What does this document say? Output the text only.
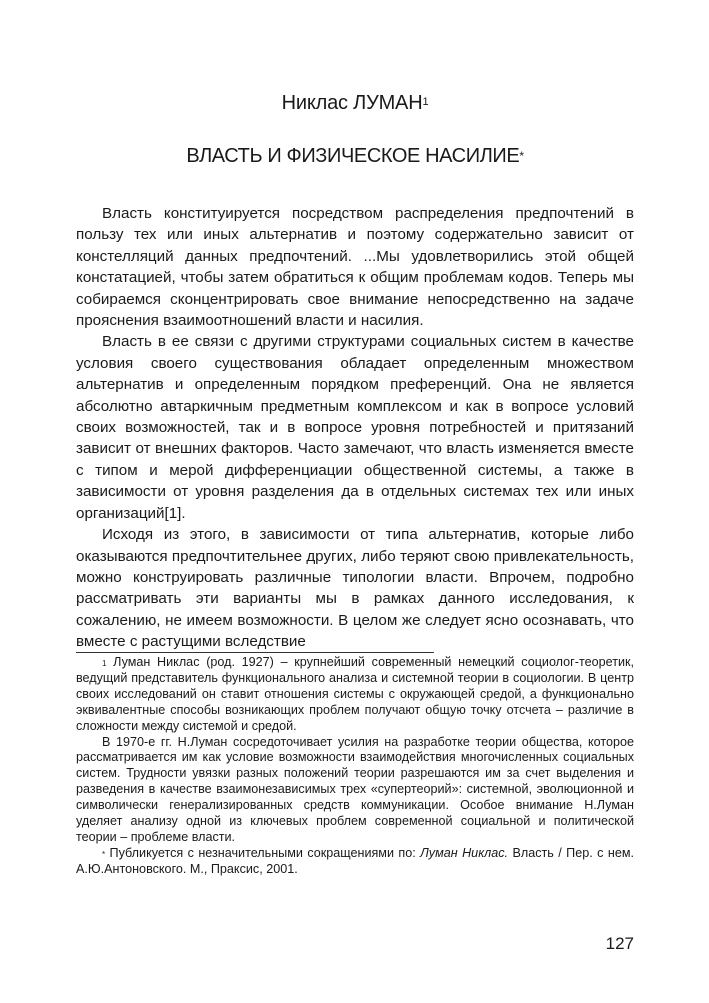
Никлас ЛУМАН$^1$
ВЛАСТЬ И ФИЗИЧЕСКОЕ НАСИЛИЕ*

Власть конституируется посредством распределения предпочтений в пользу тех или иных альтернатив и поэтому содержательно зависит от констелляций данных предпочтений. ...Мы удовлетворились этой общей констатацией, чтобы затем обратиться к общим проблемам кодов. Теперь мы собираемся сконцентрировать свое внимание непосредственно на задаче прояснения взаимоотношений власти и насилия.

Власть в ее связи с другими структурами социальных систем в качестве условия своего существования обладает определенным множеством альтернатив и определенным порядком преференций. Она не является абсолютно автаркичным предметным комплексом и как в вопросе условий своих возможностей, так и в вопросе уровня потребностей и притязаний зависит от внешних факторов. Часто замечают, что власть изменяется вместе с типом и мерой дифференциации общественной системы, а также в зависимости от уровня разделения да в отдельных системах тех или иных организаций[1].

Исходя из этого, в зависимости от типа альтернатив, которые либо оказываются предпочтительнее других, либо теряют свою привлекательность, можно конструировать различные типологии власти. Впрочем, подробно рассматривать эти варианты мы в рамках данного исследования, к сожалению, не имеем возможности. В целом же следует ясно осознавать, что вместе с растущими вследствие

$^1$ Луман Никлас (род. 1927) – крупнейший современный немецкий социолог-теоретик, ведущий представитель функционального анализа и системной теории в социологии. В центр своих исследований он ставит отношения системы с окружающей средой, а функционально эквивалентные способы возникающих проблем получают общую точку отсчета – различие в сложности между системой и средой.

В 1970-е гг. Н.Луман сосредоточивает усилия на разработке теории общества, которое рассматривается им как условие возможности взаимодействия многочисленных социальных систем. Трудности увязки разных положений теории разрешаются им за счет выделения и разведения в качестве взаимонезависимых трех «супертеорий»: системной, эволюционной и символически генерализированных средств коммуникации. Особое внимание Н.Луман уделяет анализу одной из ключевых проблем современной социальной и политической теории – проблеме власти.

* Публикуется с незначительными сокращениями по: Луман Никлас. Власть / Пер. с нем. А.Ю.Антоновского. М., Праксис, 2001.

127
